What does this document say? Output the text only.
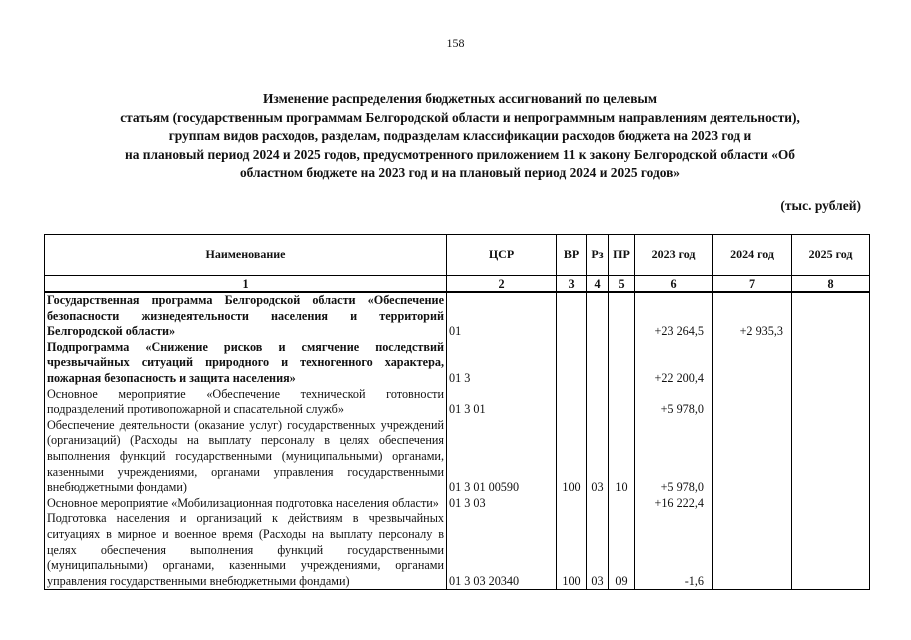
158
Изменение распределения бюджетных ассигнований по целевым
статьям (государственным программам Белгородской области и непрограммным направлениям деятельности),
группам видов расходов, разделам, подразделам классификации расходов бюджета на 2023 год и
на плановый период 2024 и 2025 годов, предусмотренного приложением 11 к закону Белгородской области «Об
областном бюджете на 2023 год и на плановый период 2024 и 2025 годов»
(тыс. рублей)
Наименование	ЦСР	ВР	Рз	ПР	2023 год	2024 год	2025 год
1	2	3	4	5	6	7	8
Государственная программа Белгородской области «Обеспечение безопасности жизнедеятельности населения и территорий Белгородской области»	01				+23 264,5	+2 935,3	
Подпрограмма «Снижение рисков и смягчение последствий чрезвычайных ситуаций природного и техногенного характера, пожарная безопасность и защита населения»	01 3				+22 200,4		
Основное мероприятие «Обеспечение технической готовности подразделений противопожарной и спасательной служб»	01 3 01				+5 978,0		
Обеспечение деятельности (оказание услуг) государственных учреждений (организаций) (Расходы на выплату персоналу в целях обеспечения выполнения функций государственными (муниципальными) органами, казенными учреждениями, органами управления государственными внебюджетными фондами)	01 3 01 00590	100	03	10	+5 978,0		
Основное мероприятие «Мобилизационная подготовка населения области»	01 3 03				+16 222,4		
Подготовка населения и организаций к действиям в чрезвычайных ситуациях в мирное и военное время (Расходы на выплату персоналу в целях обеспечения выполнения функций государственными (муниципальными) органами, казенными учреждениями, органами управления государственными внебюджетными фондами)	01 3 03 20340	100	03	09	-1,6		
